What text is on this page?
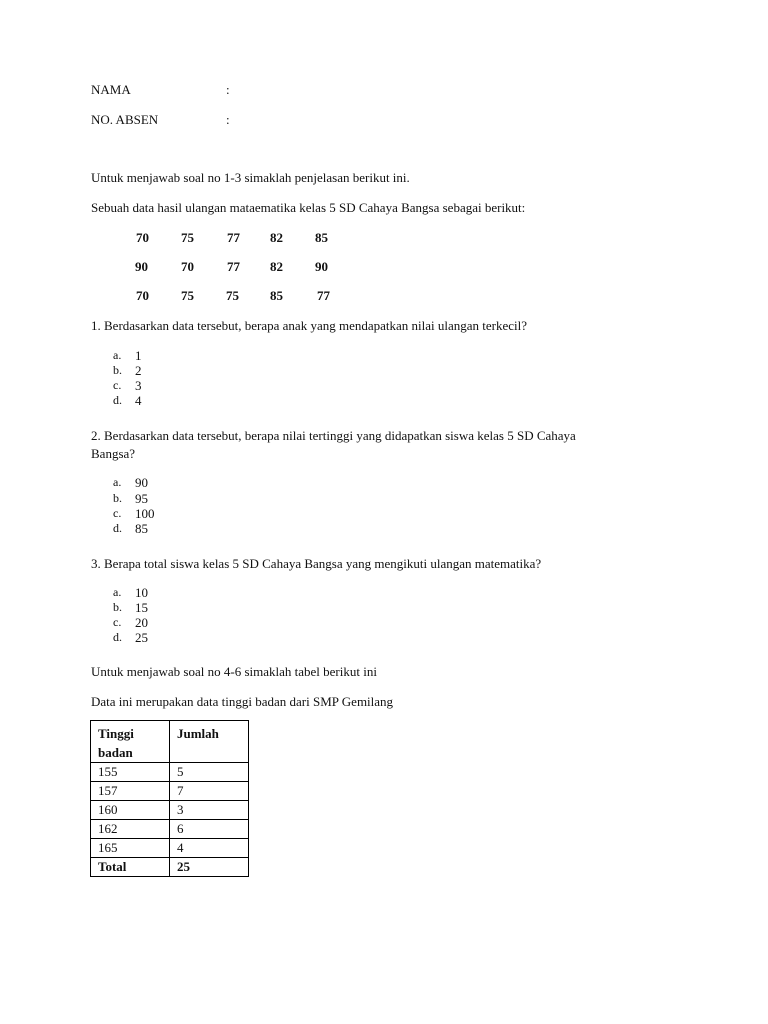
NAMA	:
NO. ABSEN	:
Untuk menjawab soal no 1-3 simaklah penjelasan berikut ini.
Sebuah data hasil ulangan mataematika kelas 5 SD Cahaya Bangsa sebagai berikut:
70 75	77 82 85
90	70	77 82 90
70 75 75 85	77
1. Berdasarkan data tersebut, berapa anak yang mendapatkan nilai ulangan terkecil?
a. 1
b. 2
c. 3
d. 4
2. Berdasarkan data tersebut, berapa nilai tertinggi yang didapatkan siswa kelas 5 SD Cahaya
Bangsa?
a. 90
b. 95
c. 100
d. 85
3. Berapa total siswa kelas 5 SD Cahaya Bangsa yang mengikuti ulangan matematika?
a. 10
b. 15
c. 20
d. 25
Untuk menjawab soal no 4-6 simaklah tabel berikut ini
Data ini merupakan data tinggi badan dari SMP Gemilang
Tinggi badan	Jumlah
155	5
157	7
160	3
162	6
165	4
Total	25
